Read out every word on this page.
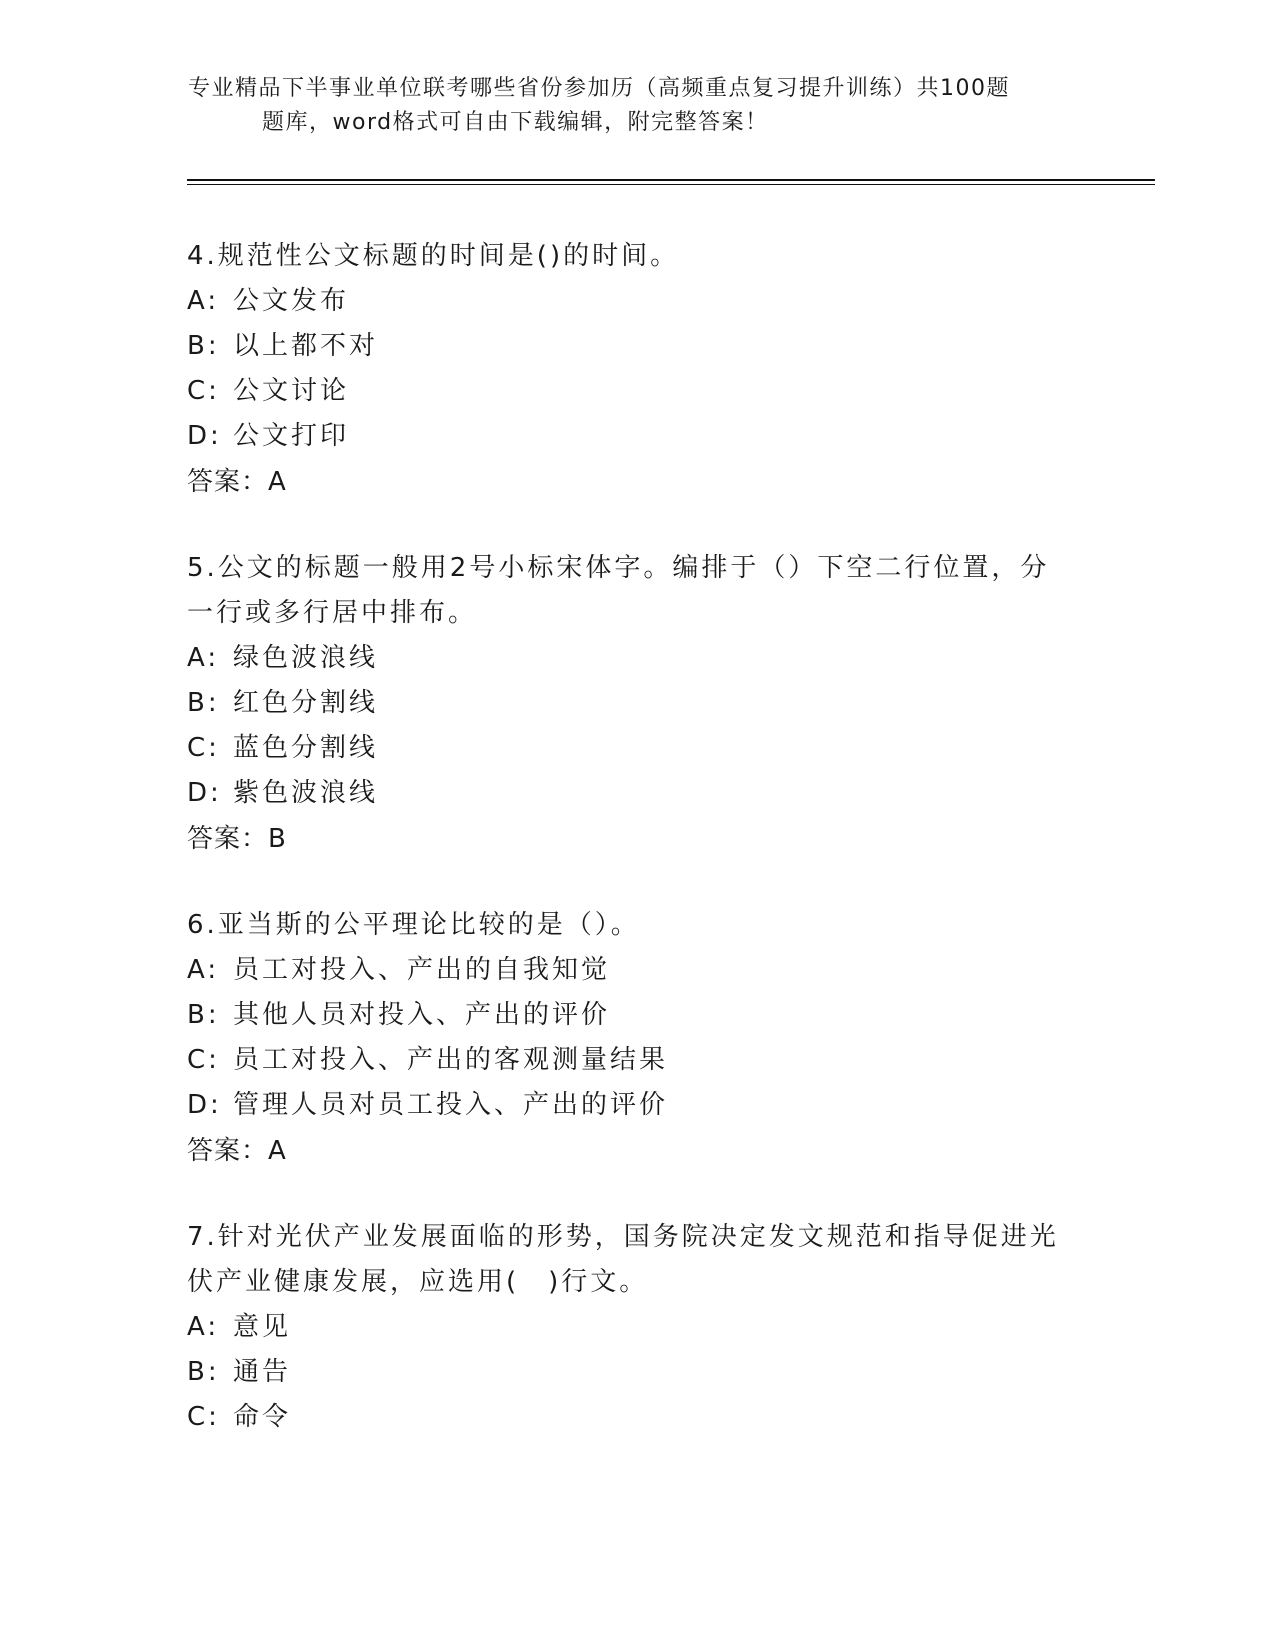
专业精品下半事业单位联考哪些省份参加历（高频重点复习提升训练）共100题
题库，word格式可自由下载编辑，附完整答案！
4.规范性公文标题的时间是()的时间。
A: 公文发布
B: 以上都不对
C: 公文讨论
D: 公文打印
答案：A
5.公文的标题一般用2号小标宋体字。编排于（）下空二行位置，分一行或多行居中排布。
A: 绿色波浪线
B: 红色分割线
C: 蓝色分割线
D: 紫色波浪线
答案：B
6.亚当斯的公平理论比较的是（）。
A: 员工对投入、产出的自我知觉
B: 其他人员对投入、产出的评价
C: 员工对投入、产出的客观测量结果
D: 管理人员对员工投入、产出的评价
答案：A
7.针对光伏产业发展面临的形势，国务院决定发文规范和指导促进光伏产业健康发展，应选用(　)行文。
A: 意见
B: 通告
C: 命令
